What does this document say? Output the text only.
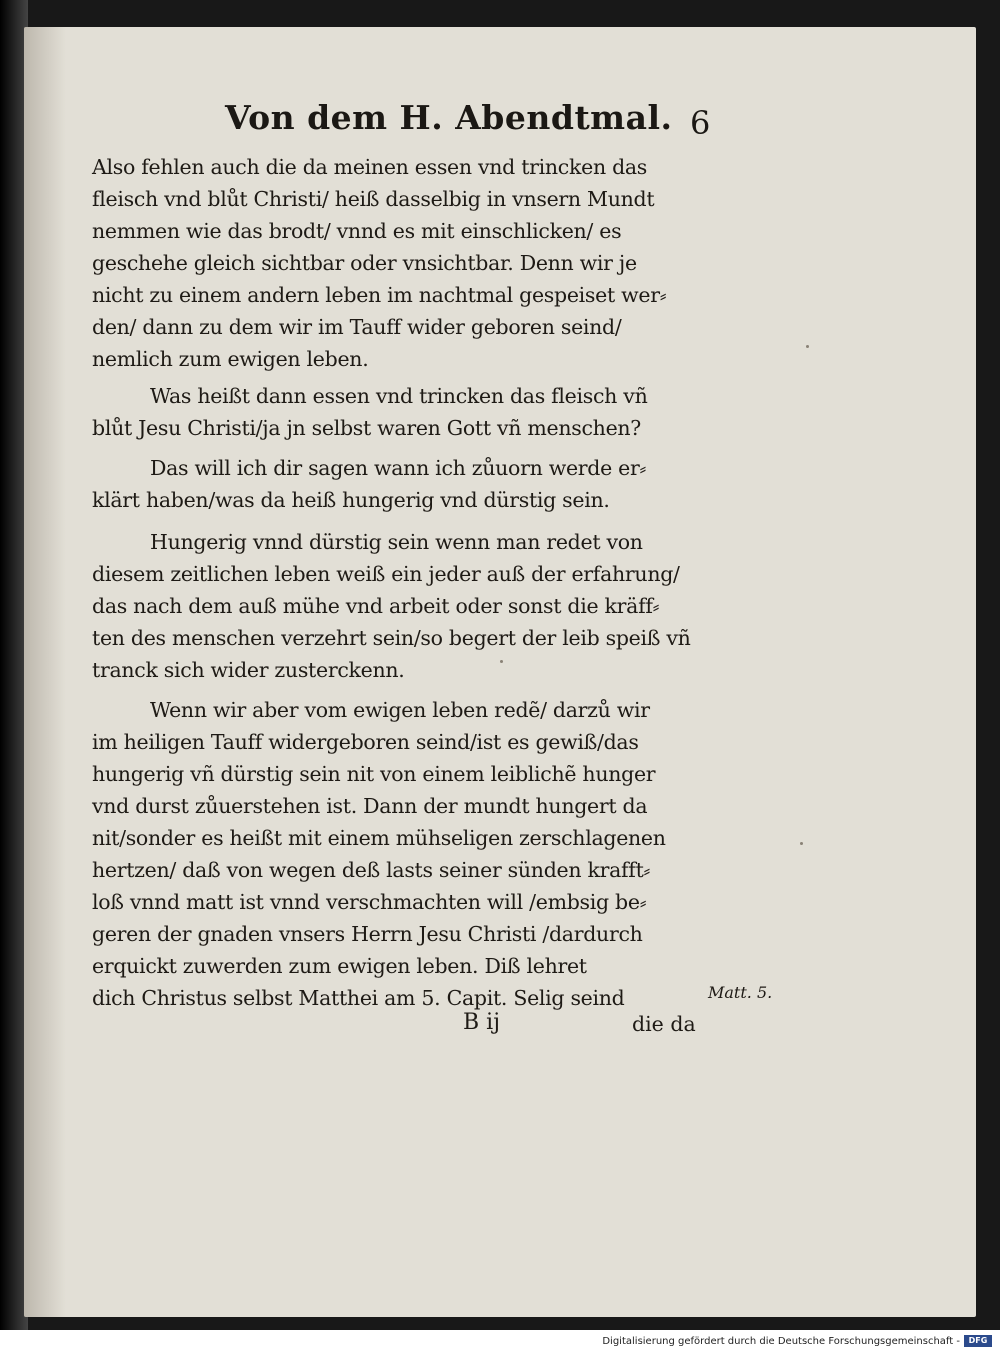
Von dem H. Abendtmal. 6
Also fehlen auch die da meinen essen vnd trincken das
fleisch vnd blůt Christi/ heiß dasselbig in vnsern Mundt
nemmen wie das brodt/ vnnd es mit einschlicken/ es
geschehe gleich sichtbar oder vnsichtbar. Denn wir je
nicht zu einem andern leben im nachtmal gespeiset wer⸗
den/ dann zu dem wir im Tauff wider geboren seind/
nemlich zum ewigen leben.
Was heißt dann essen vnd trincken das fleisch vñ
blůt Jesu Christi/ja jn selbst waren Gott vñ menschen?
Das will ich dir sagen wann ich zůuorn werde er⸗
klärt haben/was da heiß hungerig vnd dürstig sein.
Hungerig vnnd dürstig sein wenn man redet von
diesem zeitlichen leben weiß ein jeder auß der erfahrung/
das nach dem auß mühe vnd arbeit oder sonst die kräff⸗
ten des menschen verzehrt sein/so begert der leib speiß vñ
tranck sich wider zusterckenn.
Wenn wir aber vom ewigen leben redẽ/ darzů wir
im heiligen Tauff widergeboren seind/ist es gewiß/das
hungerig vñ dürstig sein nit von einem leiblichẽ hunger
vnd durst zůuerstehen ist. Dann der mundt hungert da
nit/sonder es heißt mit einem mühseligen zerschlagenen
hertzen/ daß von wegen deß lasts seiner sünden krafft⸗
loß vnnd matt ist vnnd verschmachten will /embsig be⸗
geren der gnaden vnsers Herrn Jesu Christi /dardurch
erquickt zuwerden zum ewigen leben. Diß lehret
dich Christus selbst Matthei am 5. Capit. Selig seind	Matt. 5.
B ij	die da
Digitalisierung gefördert durch die Deutsche Forschungsgemeinschaft -	DFG
